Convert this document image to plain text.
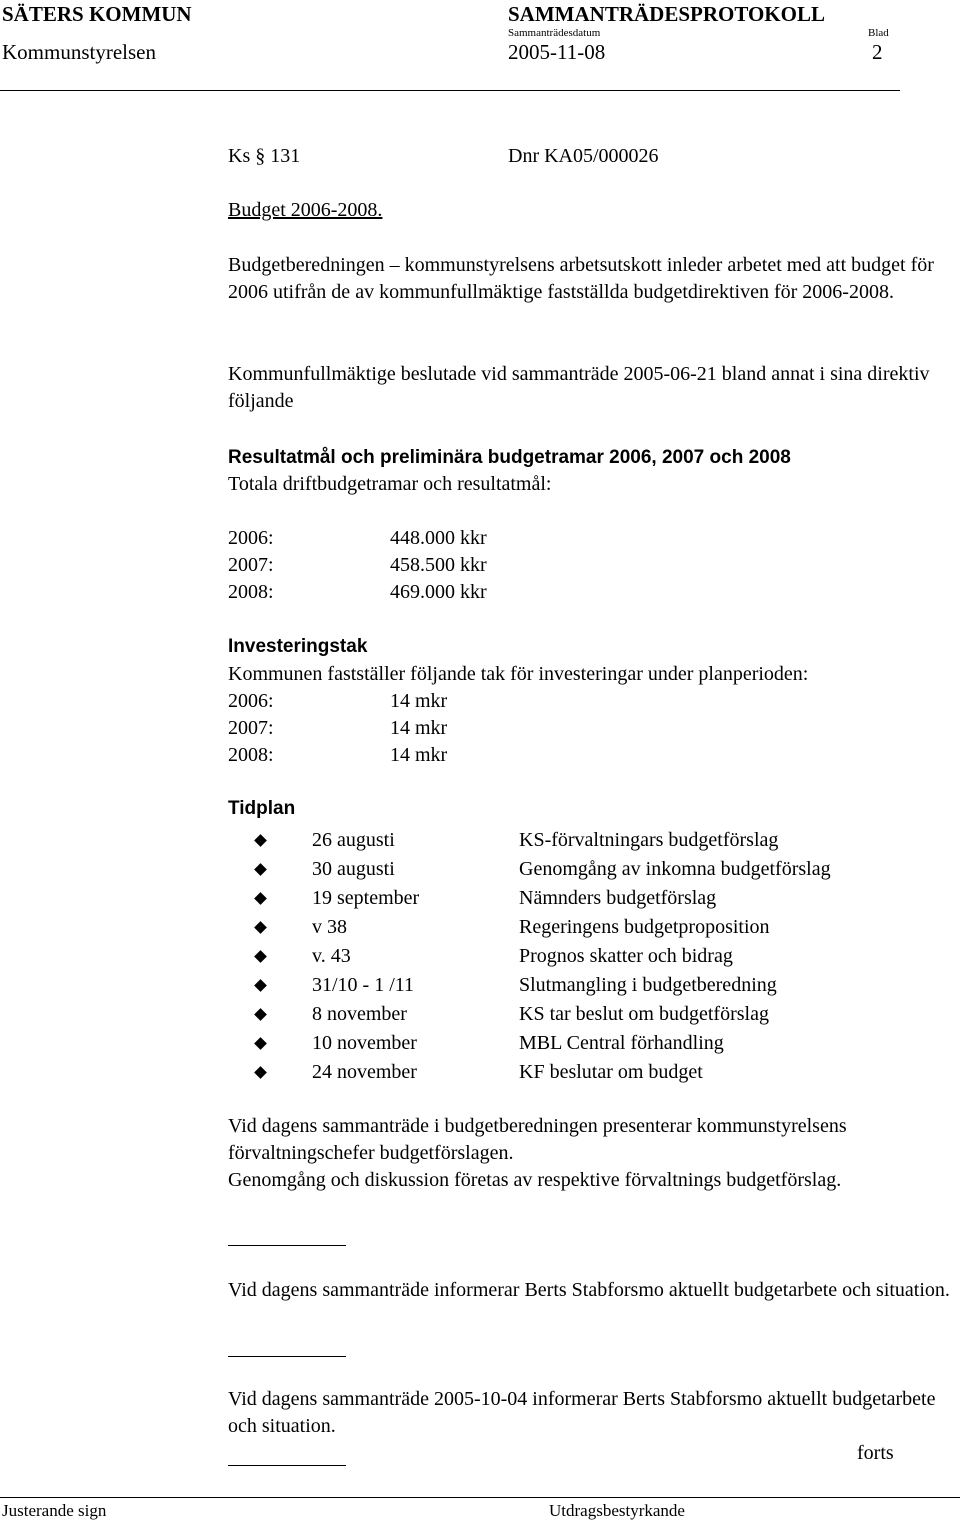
SÄTERS KOMMUN	SAMMANTRÄDESPROTOKOLL
Sammanträdesdatum	Blad
Kommunstyrelsen	2005-11-08	2
Ks § 131	Dnr KA05/000026
Budget 2006-2008.
Budgetberedningen – kommunstyrelsens arbetsutskott inleder arbetet med att budget för 2006 utifrån de av kommunfullmäktige fastställda budgetdirektiven för 2006-2008.
Kommunfullmäktige beslutade vid sammanträde 2005-06-21 bland annat i sina direktiv följande
Resultatmål och preliminära budgetramar 2006, 2007 och 2008
Totala driftbudgetramar och resultatmål:
2006:	448.000 kkr
2007:	458.500 kkr
2008:	469.000 kkr
Investeringstak
Kommunen fastställer följande tak för investeringar under planperioden:
2006:	14 mkr
2007:	14 mkr
2008:	14 mkr
Tidplan
26 augusti	KS-förvaltningars budgetförslag
30 augusti	Genomgång av inkomna budgetförslag
19 september	Nämnders budgetförslag
v 38	Regeringens budgetproposition
v. 43	Prognos skatter och bidrag
31/10 - 1 /11	Slutmangling i budgetberedning
8 november	KS tar beslut om budgetförslag
10 november	MBL Central förhandling
24 november	KF beslutar om budget
Vid dagens sammanträde i budgetberedningen presenterar kommunstyrelsens förvaltningschefer budgetförslagen.
Genomgång och diskussion företas av respektive förvaltnings budgetförslag.
Vid dagens sammanträde informerar Berts Stabforsmo aktuellt budgetarbete och situation.
Vid dagens sammanträde 2005-10-04 informerar Berts Stabforsmo aktuellt budgetarbete och situation.
forts
Justerande sign	Utdragsbestyrkande
